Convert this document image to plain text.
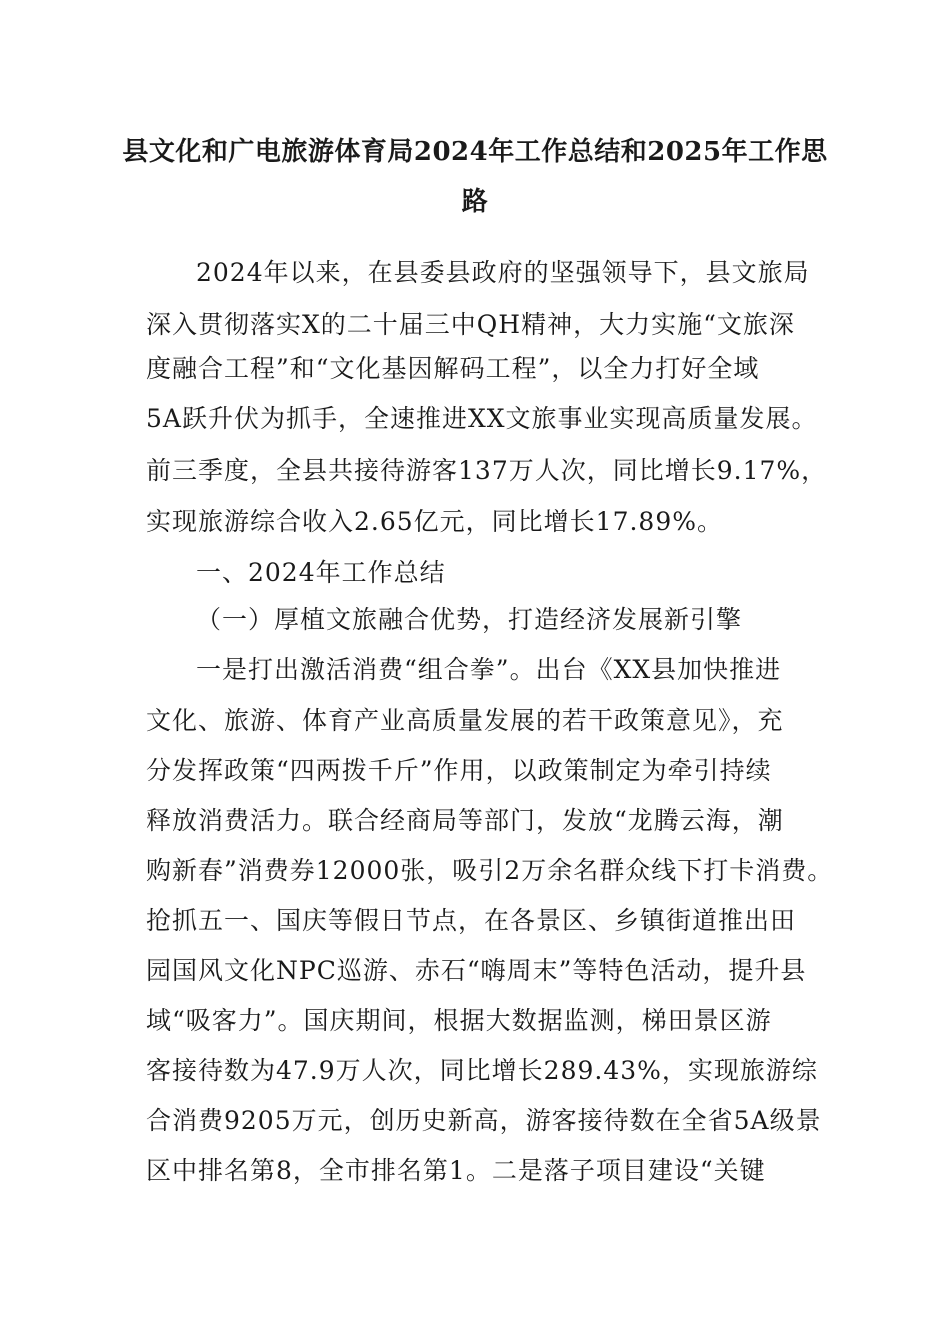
县文化和广电旅游体育局2024年工作总结和2025年工作思
路
2024年以来，在县委县政府的坚强领导下，县文旅局
深入贯彻落实X的二十届三中QH精神，大力实施“文旅深
度融合工程”和“文化基因解码工程”，以全力打好全域
5A跃升伏为抓手，全速推进XX文旅事业实现高质量发展。
前三季度，全县共接待游客137万人次，同比增长9.17%，
实现旅游综合收入2.65亿元，同比增长17.89%。
一、2024年工作总结
（一）厚植文旅融合优势，打造经济发展新引擎
一是打出激活消费“组合拳”。出台《XX县加快推进
文化、旅游、体育产业高质量发展的若干政策意见》，充
分发挥政策“四两拨千斤”作用，以政策制定为牵引持续
释放消费活力。联合经商局等部门，发放“龙腾云海，潮
购新春”消费券12000张，吸引2万余名群众线下打卡消费。
抢抓五一、国庆等假日节点，在各景区、乡镇街道推出田
园国风文化NPC巡游、赤石“嗨周末”等特色活动，提升县
域“吸客力”。国庆期间，根据大数据监测，梯田景区游
客接待数为47.9万人次，同比增长289.43%，实现旅游综
合消费9205万元，创历史新高，游客接待数在全省5A级景
区中排名第8，全市排名第1。二是落子项目建设“关键
